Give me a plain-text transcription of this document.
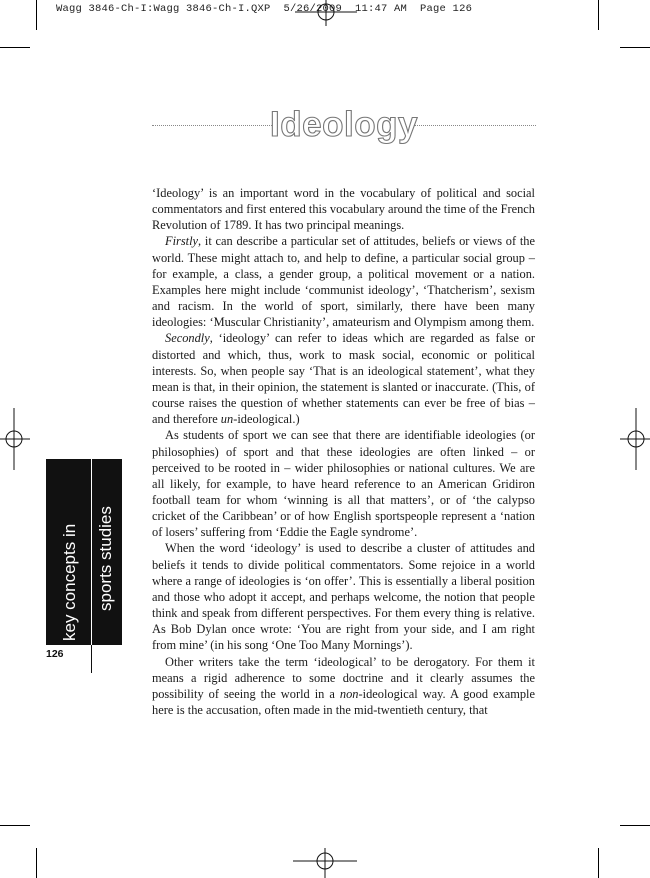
Wagg 3846-Ch-I:Wagg 3846-Ch-I.QXP  5/26/2009  11:47 AM  Page 126
Ideology

‘Ideology’ is an important word in the vocabulary of political and social commentators and first entered this vocabulary around the time of the French Revolution of 1789. It has two principal meanings.

Firstly, it can describe a particular set of attitudes, beliefs or views of the world. These might attach to, and help to define, a particular social group – for example, a class, a gender group, a political movement or a nation. Examples here might include ‘communist ideology’, ‘Thatcherism’, sexism and racism. In the world of sport, similarly, there have been many ideologies: ‘Muscular Christianity’, amateurism and Olympism among them.

Secondly, ‘ideology’ can refer to ideas which are regarded as false or distorted and which, thus, work to mask social, economic or political interests. So, when people say ‘That is an ideological statement’, what they mean is that, in their opinion, the statement is slanted or inaccurate. (This, of course raises the question of whether statements can ever be free of bias – and therefore un-ideological.)

As students of sport we can see that there are identifiable ideologies (or philosophies) of sport and that these ideologies are often linked – or perceived to be rooted in – wider philosophies or national cultures. We are all likely, for example, to have heard reference to an American Gridiron football team for whom ‘winning is all that matters’, or of ‘the calypso cricket of the Caribbean’ or of how English sportspeople represent a ‘nation of losers’ suffering from ‘Eddie the Eagle syndrome’.

When the word ‘ideology’ is used to describe a cluster of attitudes and beliefs it tends to divide political commentators. Some rejoice in a world where a range of ideologies is ‘on offer’. This is essentially a liberal position and those who adopt it accept, and perhaps welcome, the notion that people think and speak from different perspectives. For them every thing is relative. As Bob Dylan once wrote: ‘You are right from your side, and I am right from mine’ (in his song ‘One Too Many Mornings’).

Other writers take the term ‘ideological’ to be derogatory. For them it means a rigid adherence to some doctrine and it clearly assumes the possibility of seeing the world in a non-ideological way. A good example here is the accusation, often made in the mid-twentieth century, that

key concepts in sports studies
126
